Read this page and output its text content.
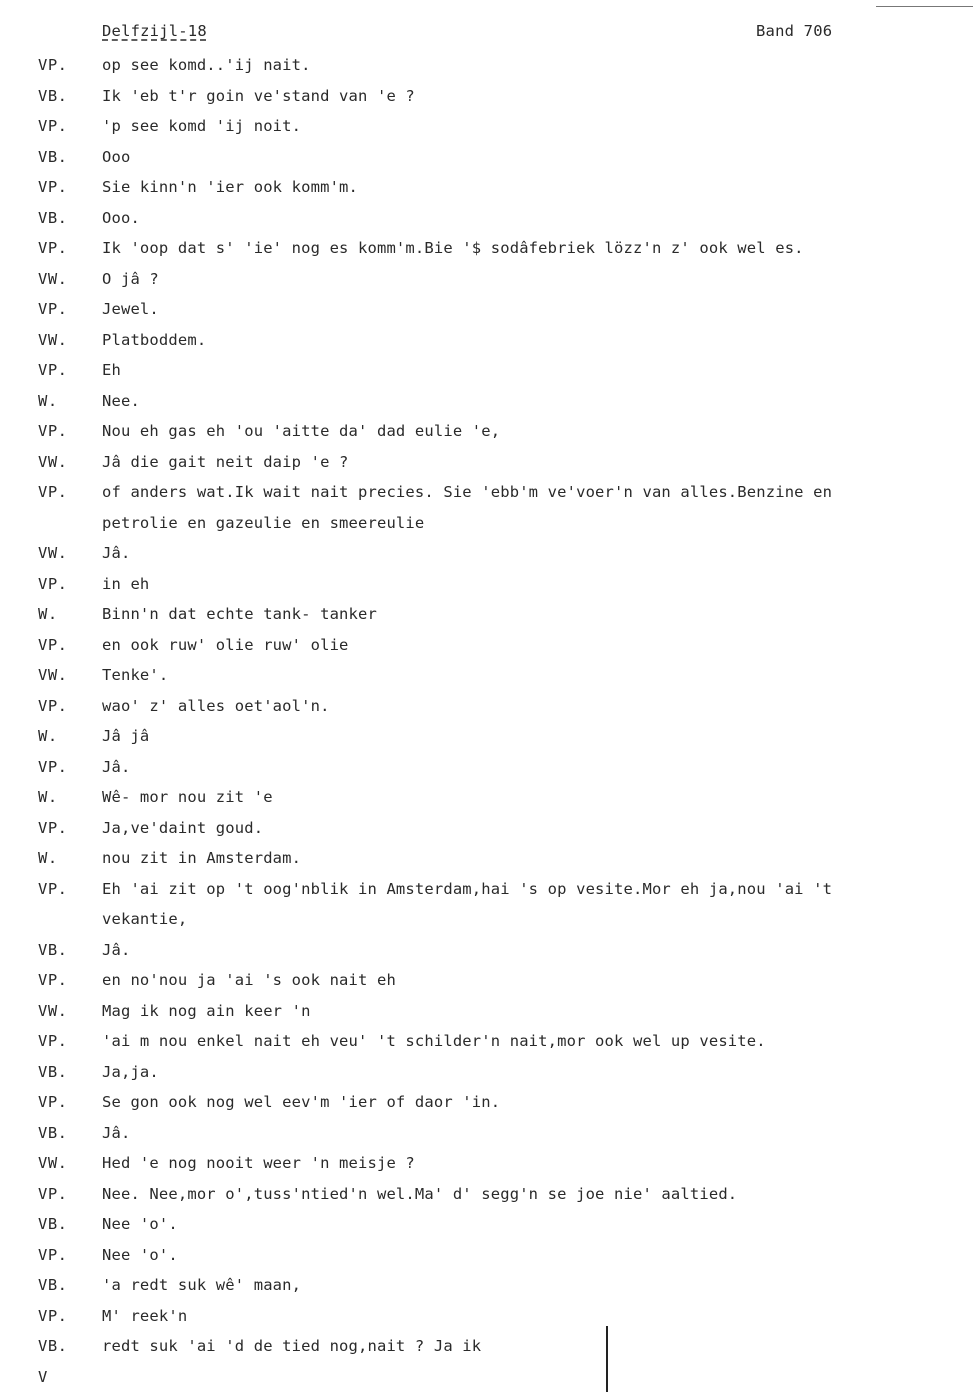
Delfzijl-18	Band 706
VP. op see komd..'ij nait.
VB. Ik 'eb t'r goin ve'stand van 'e ?
VP. 'p see komd 'ij noit.
VB. Ooo
VP. Sie kinn'n 'ier ook komm'm.
VB. Ooo.
VP. Ik 'oop dat s' 'ie' nog es komm'm.Bie '$ sodâfebriek lözz'n z' ook wel es.
VW. O jâ ?
VP. Jewel.
VW. Platboddem.
VP. Eh
W.	Nee.
VP. Nou eh gas eh 'ou 'aitte da' dad eulie 'e,
VW. Jâ die gait neit daip 'e ?
VP. of anders wat.Ik wait nait precies. Sie 'ebb'm ve'voer'n van alles.Benzine en
petrolie en gazeulie en smeereulie
VW. Jâ.
VP. in eh
W.	Binn'n dat echte tank- tanker
VP. en ook ruw' olie ruw' olie
VW. Tenke'.
VP. wao' z' alles oet'aol'n.
W.	Jâ jâ
VP. Jâ.
W.	Wê- mor nou zit 'e
VP. Ja,ve'daint goud.
W.	nou zit in Amsterdam.
VP. Eh 'ai zit op 't oog'nblik in Amsterdam,hai 's op vesite.Mor eh ja,nou 'ai 't
vekantie,
VB. Jâ.
VP. en no'nou ja 'ai 's ook nait eh
VW. Mag ik nog ain keer 'n
VP. 'ai m nou enkel nait eh veu' 't schilder'n nait,mor ook wel up vesite.
VB. Ja,ja.
VP. Se gon ook nog wel eev'm 'ier of daor 'in.
VB. Jâ.
VW. Hed 'e nog nooit weer 'n meisje ?
VP. Nee. Nee,mor o',tuss'ntied'n wel.Ma' d' segg'n se joe nie' aaltied.
VB. Nee 'o'.
VP. Nee 'o'.
VB. 'a redt suk wê' maan,
VP. M' reek'n
VB. redt suk 'ai 'd de tied nog,nait ? Ja ik
V
